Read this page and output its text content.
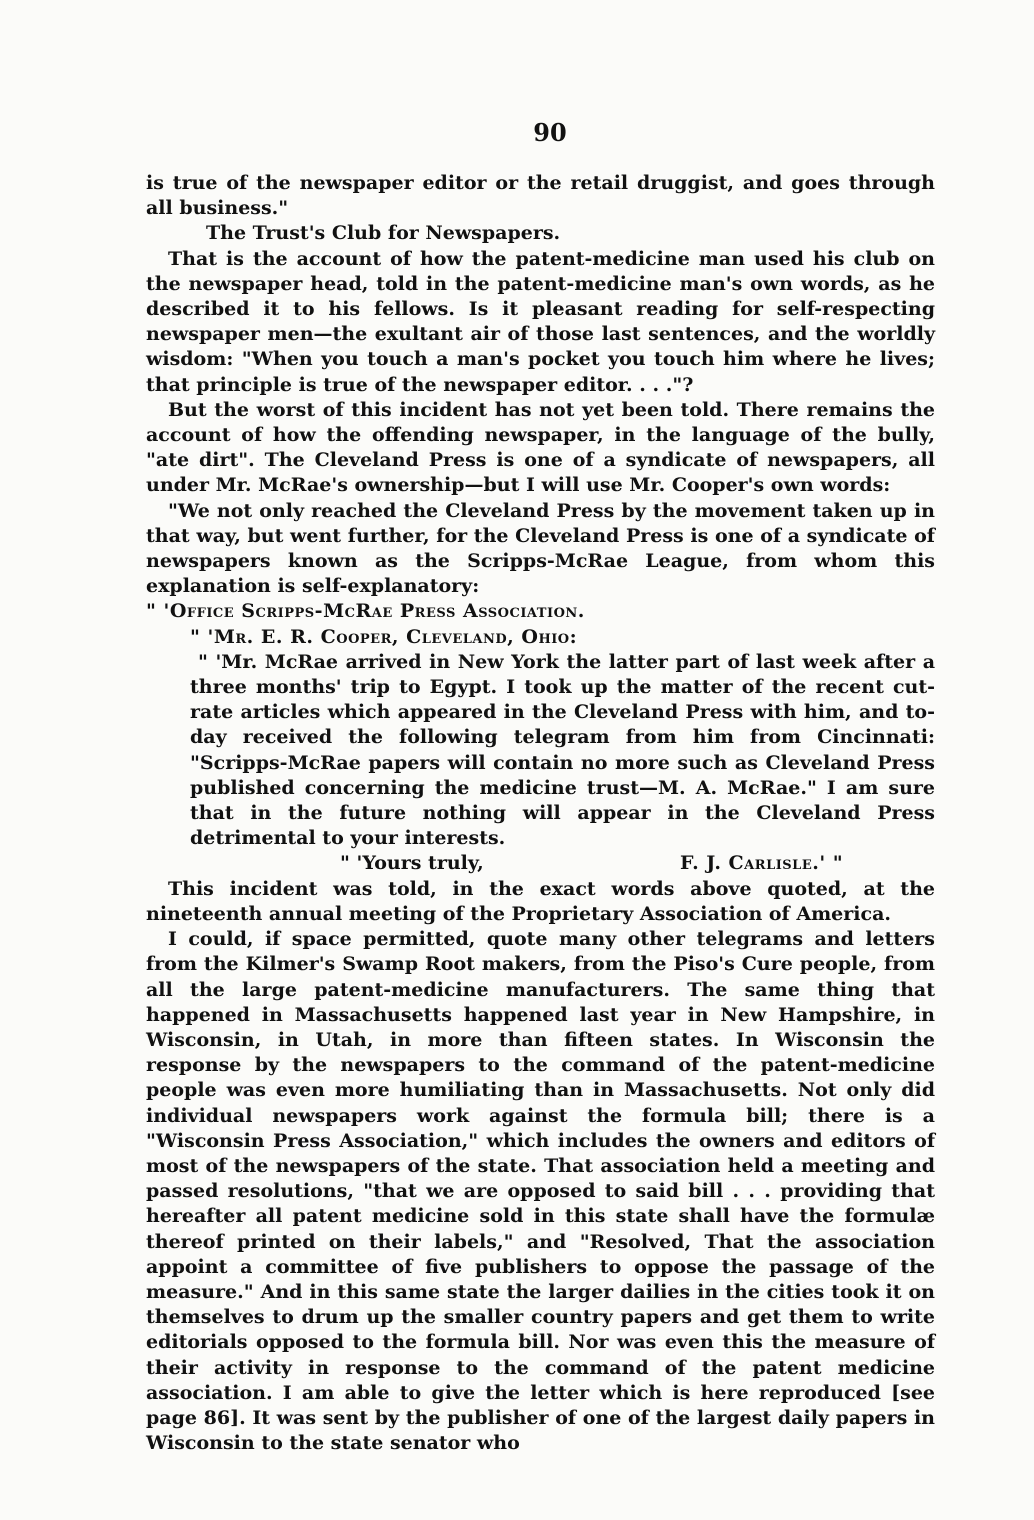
90

is true of the newspaper editor or the retail druggist, and goes through all business."

The Trust's Club for Newspapers.

That is the account of how the patent-medicine man used his club on the newspaper head, told in the patent-medicine man's own words, as he described it to his fellows. Is it pleasant reading for self-respecting newspaper men—the exultant air of those last sentences, and the worldly wisdom: "When you touch a man's pocket you touch him where he lives; that principle is true of the newspaper editor. . . ."?

But the worst of this incident has not yet been told. There remains the account of how the offending newspaper, in the language of the bully, "ate dirt". The Cleveland Press is one of a syndicate of newspapers, all under Mr. McRae's ownership—but I will use Mr. Cooper's own words:

"We not only reached the Cleveland Press by the movement taken up in that way, but went further, for the Cleveland Press is one of a syndicate of newspapers known as the Scripps-McRae League, from whom this explanation is self-explanatory:

" 'Office Scripps-McRae Press Association.

" 'Mr. E. R. Cooper, Cleveland, Ohio:

" 'Mr. McRae arrived in New York the latter part of last week after a three months' trip to Egypt. I took up the matter of the recent cut-rate articles which appeared in the Cleveland Press with him, and to-day received the following telegram from him from Cincinnati: "Scripps-McRae papers will contain no more such as Cleveland Press published concerning the medicine trust—M. A. McRae." I am sure that in the future nothing will appear in the Cleveland Press detrimental to your interests.

" 'Yours truly,	F. J. Carlisle.' "

This incident was told, in the exact words above quoted, at the nineteenth annual meeting of the Proprietary Association of America.

I could, if space permitted, quote many other telegrams and letters from the Kilmer's Swamp Root makers, from the Piso's Cure people, from all the large patent-medicine manufacturers. The same thing that happened in Massachusetts happened last year in New Hampshire, in Wisconsin, in Utah, in more than fifteen states. In Wisconsin the response by the newspapers to the command of the patent-medicine people was even more humiliating than in Massachusetts. Not only did individual newspapers work against the formula bill; there is a "Wisconsin Press Association," which includes the owners and editors of most of the newspapers of the state. That association held a meeting and passed resolutions, "that we are opposed to said bill . . . providing that hereafter all patent medicine sold in this state shall have the formulæ thereof printed on their labels," and "Resolved, That the association appoint a committee of five publishers to oppose the passage of the measure." And in this same state the larger dailies in the cities took it on themselves to drum up the smaller country papers and get them to write editorials opposed to the formula bill. Nor was even this the measure of their activity in response to the command of the patent medicine association. I am able to give the letter which is here reproduced [see page 86]. It was sent by the publisher of one of the largest daily papers in Wisconsin to the state senator who
